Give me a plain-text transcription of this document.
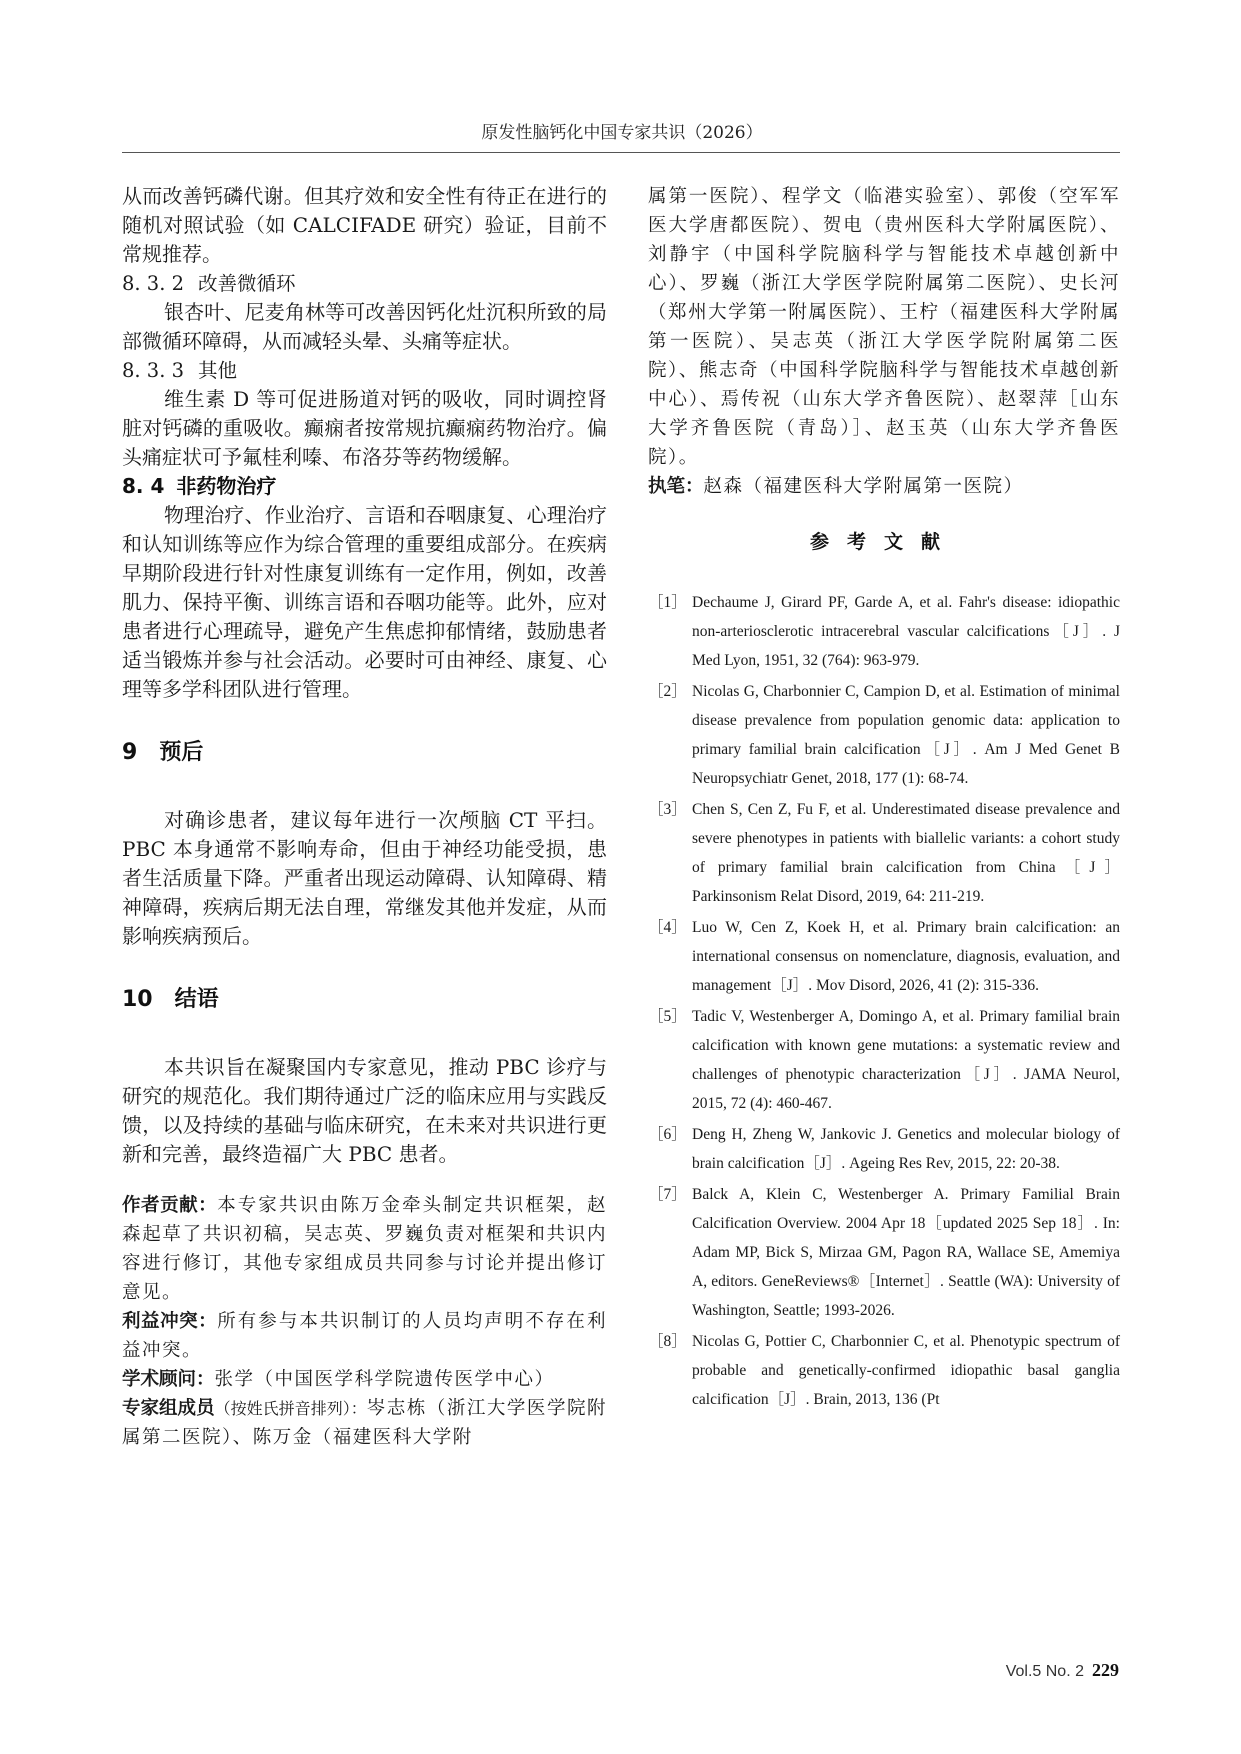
原发性脑钙化中国专家共识（2026）

从而改善钙磷代谢。但其疗效和安全性有待正在进行的随机对照试验（如 CALCIFADE 研究）验证，目前不常规推荐。

8. 3. 2 改善微循环

银杏叶、尼麦角林等可改善因钙化灶沉积所致的局部微循环障碍，从而减轻头晕、头痛等症状。

8. 3. 3 其他

维生素 D 等可促进肠道对钙的吸收，同时调控肾脏对钙磷的重吸收。癫痫者按常规抗癫痫药物治疗。偏头痛症状可予氟桂利嗪、布洛芬等药物缓解。

8. 4 非药物治疗

物理治疗、作业治疗、言语和吞咽康复、心理治疗和认知训练等应作为综合管理的重要组成部分。在疾病早期阶段进行针对性康复训练有一定作用，例如，改善肌力、保持平衡、训练言语和吞咽功能等。此外，应对患者进行心理疏导，避免产生焦虑抑郁情绪，鼓励患者适当锻炼并参与社会活动。必要时可由神经、康复、心理等多学科团队进行管理。

9 预后

对确诊患者，建议每年进行一次颅脑 CT 平扫。PBC 本身通常不影响寿命，但由于神经功能受损，患者生活质量下降。严重者出现运动障碍、认知障碍、精神障碍，疾病后期无法自理，常继发其他并发症，从而影响疾病预后。

10 结语

本共识旨在凝聚国内专家意见，推动 PBC 诊疗与研究的规范化。我们期待通过广泛的临床应用与实践反馈，以及持续的基础与临床研究，在未来对共识进行更新和完善，最终造福广大 PBC 患者。

作者贡献：本专家共识由陈万金牵头制定共识框架，赵森起草了共识初稿，吴志英、罗巍负责对框架和共识内容进行修订，其他专家组成员共同参与讨论并提出修订意见。

利益冲突：所有参与本共识制订的人员均声明不存在利益冲突。

学术顾问：张学（中国医学科学院遗传医学中心）

专家组成员（按姓氏拼音排列）：岑志栋（浙江大学医学院附属第二医院）、陈万金（福建医科大学附

属第一医院）、程学文（临港实验室）、郭俊（空军军医大学唐都医院）、贺电（贵州医科大学附属医院）、刘静宇（中国科学院脑科学与智能技术卓越创新中心）、罗巍（浙江大学医学院附属第二医院）、史长河（郑州大学第一附属医院）、王柠（福建医科大学附属第一医院）、吴志英（浙江大学医学院附属第二医院）、熊志奇（中国科学院脑科学与智能技术卓越创新中心）、焉传祝（山东大学齐鲁医院）、赵翠萍［山东大学齐鲁医院（青岛）］、赵玉英（山东大学齐鲁医院）。

执笔：赵森（福建医科大学附属第一医院）

参考文献
［1］ Dechaume J, Girard PF, Garde A, et al. Fahr's disease: idiopathic non-arteriosclerotic intracerebral vascular calcifications［J］. J Med Lyon, 1951, 32 (764): 963-979.
［2］ Nicolas G, Charbonnier C, Campion D, et al. Estimation of minimal disease prevalence from population genomic data: application to primary familial brain calcification［J］. Am J Med Genet B Neuropsychiatr Genet, 2018, 177 (1): 68-74.
［3］ Chen S, Cen Z, Fu F, et al. Underestimated disease prevalence and severe phenotypes in patients with biallelic variants: a cohort study of primary familial brain calcification from China［J］Parkinsonism Relat Disord, 2019, 64: 211-219.
［4］ Luo W, Cen Z, Koek H, et al. Primary brain calcification: an international consensus on nomenclature, diagnosis, evaluation, and management［J］. Mov Disord, 2026, 41 (2): 315-336.
［5］ Tadic V, Westenberger A, Domingo A, et al. Primary familial brain calcification with known gene mutations: a systematic review and challenges of phenotypic characterization［J］. JAMA Neurol, 2015, 72 (4): 460-467.
［6］ Deng H, Zheng W, Jankovic J. Genetics and molecular biology of brain calcification［J］. Ageing Res Rev, 2015, 22: 20-38.
［7］ Balck A, Klein C, Westenberger A. Primary Familial Brain Calcification Overview. 2004 Apr 18［updated 2025 Sep 18］. In: Adam MP, Bick S, Mirzaa GM, Pagon RA, Wallace SE, Amemiya A, editors. GeneReviews®［Internet］. Seattle (WA): University of Washington, Seattle; 1993-2026.
［8］ Nicolas G, Pottier C, Charbonnier C, et al. Phenotypic spectrum of probable and genetically-confirmed idiopathic basal ganglia calcification［J］. Brain, 2013, 136 (Pt
Vol.5 No. 2 229
